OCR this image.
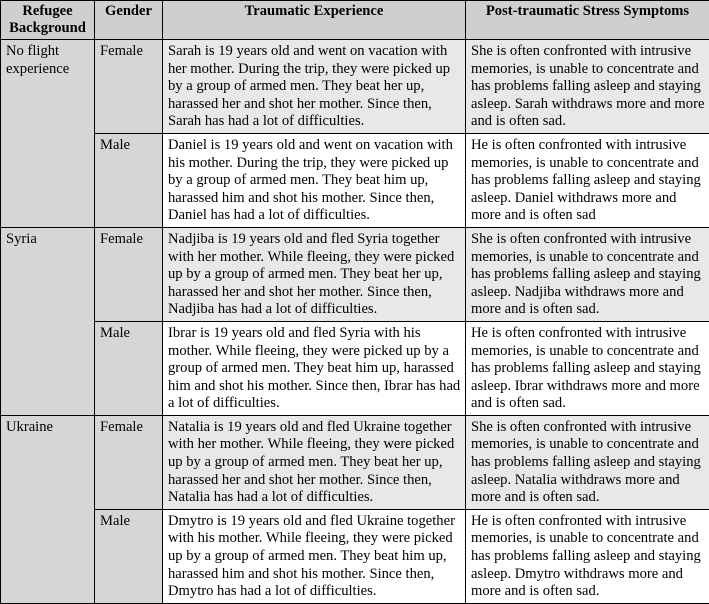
Refugee Background	Gender	Traumatic Experience	Post-traumatic Stress Symptoms
No flight experience	Female	Sarah is 19 years old and went on vacation with her mother. During the trip, they were picked up by a group of armed men. They beat her up, harassed her and shot her mother. Since then, Sarah has had a lot of difficulties.	She is often confronted with intrusive memories, is unable to concentrate and has problems falling asleep and staying asleep. Sarah withdraws more and more and is often sad.
	Male	Daniel is 19 years old and went on vacation with his mother. During the trip, they were picked up by a group of armed men. They beat him up, harassed him and shot his mother. Since then, Daniel has had a lot of difficulties.	He is often confronted with intrusive memories, is unable to concentrate and has problems falling asleep and staying asleep. Daniel withdraws more and more and is often sad
Syria	Female	Nadjiba is 19 years old and fled Syria together with her mother. While fleeing, they were picked up by a group of armed men. They beat her up, harassed her and shot her mother. Since then, Nadjiba has had a lot of difficulties.	She is often confronted with intrusive memories, is unable to concentrate and has problems falling asleep and staying asleep. Nadjiba withdraws more and more and is often sad.
	Male	Ibrar is 19 years old and fled Syria with his mother. While fleeing, they were picked up by a group of armed men. They beat him up, harassed him and shot his mother. Since then, Ibrar has had a lot of difficulties.	He is often confronted with intrusive memories, is unable to concentrate and has problems falling asleep and staying asleep. Ibrar withdraws more and more and is often sad.
Ukraine	Female	Natalia is 19 years old and fled Ukraine together with her mother. While fleeing, they were picked up by a group of armed men. They beat her up, harassed her and shot her mother. Since then, Natalia has had a lot of difficulties.	She is often confronted with intrusive memories, is unable to concentrate and has problems falling asleep and staying asleep. Natalia withdraws more and more and is often sad.
	Male	Dmytro is 19 years old and fled Ukraine together with his mother. While fleeing, they were picked up by a group of armed men. They beat him up, harassed him and shot his mother. Since then, Dmytro has had a lot of difficulties.	He is often confronted with intrusive memories, is unable to concentrate and has problems falling asleep and staying asleep. Dmytro withdraws more and more and is often sad.
